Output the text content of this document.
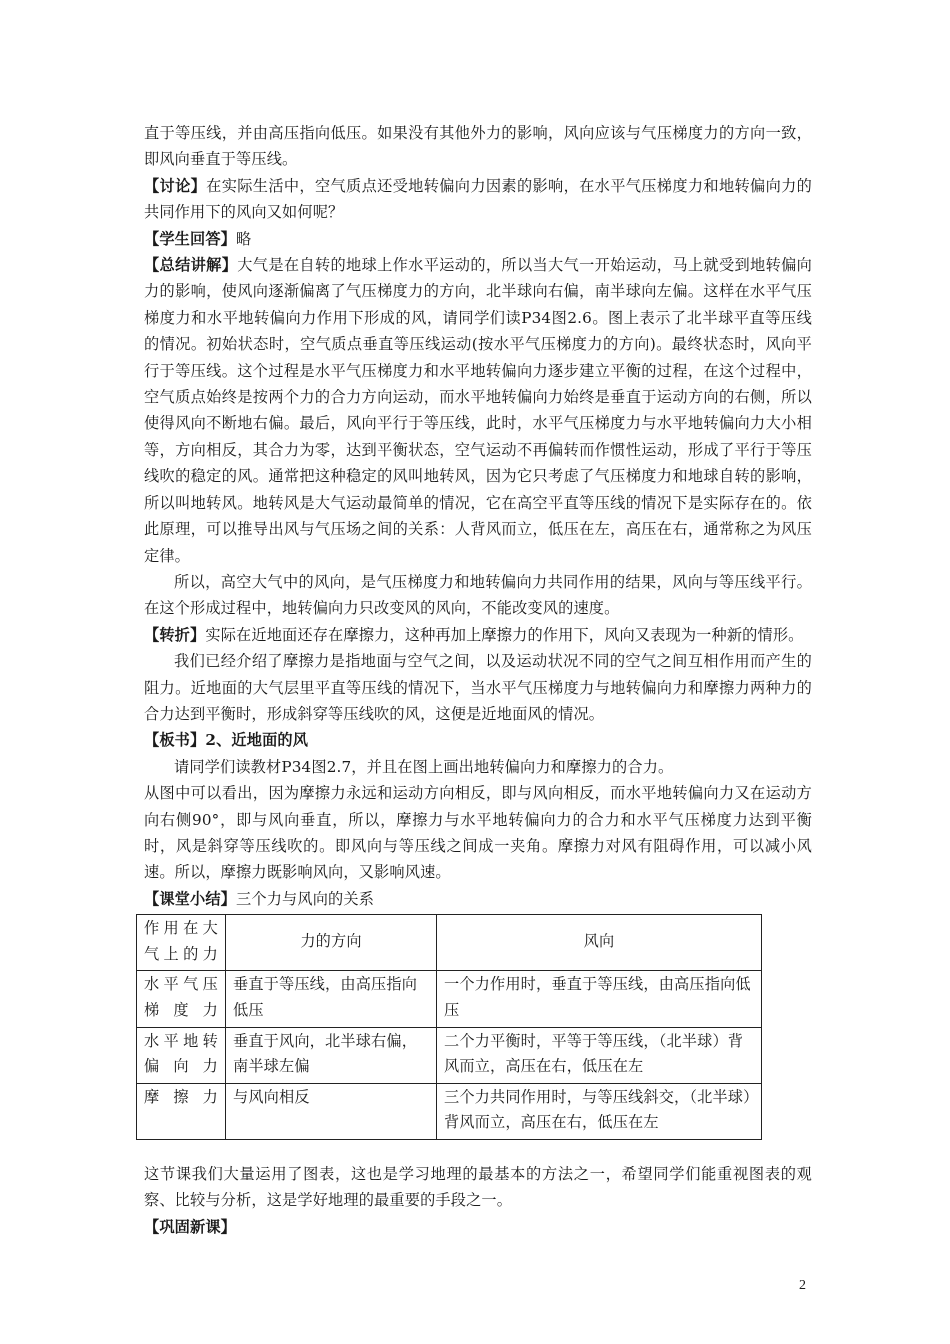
直于等压线，并由高压指向低压。如果没有其他外力的影响，风向应该与气压梯度力的方向一致，即风向垂直于等压线。

【讨论】在实际生活中，空气质点还受地转偏向力因素的影响，在水平气压梯度力和地转偏向力的共同作用下的风向又如何呢？

【学生回答】略

【总结讲解】大气是在自转的地球上作水平运动的，所以当大气一开始运动，马上就受到地转偏向力的影响，使风向逐渐偏离了气压梯度力的方向，北半球向右偏，南半球向左偏。这样在水平气压梯度力和水平地转偏向力作用下形成的风，请同学们读P34图2.6。图上表示了北半球平直等压线的情况。初始状态时，空气质点垂直等压线运动(按水平气压梯度力的方向)。最终状态时，风向平行于等压线。这个过程是水平气压梯度力和水平地转偏向力逐步建立平衡的过程，在这个过程中，空气质点始终是按两个力的合力方向运动，而水平地转偏向力始终是垂直于运动方向的右侧，所以使得风向不断地右偏。最后，风向平行于等压线，此时，水平气压梯度力与水平地转偏向力大小相等，方向相反，其合力为零，达到平衡状态，空气运动不再偏转而作惯性运动，形成了平行于等压线吹的稳定的风。通常把这种稳定的风叫地转风，因为它只考虑了气压梯度力和地球自转的影响，所以叫地转风。地转风是大气运动最简单的情况，它在高空平直等压线的情况下是实际存在的。依此原理，可以推导出风与气压场之间的关系：人背风而立，低压在左，高压在右，通常称之为风压定律。

所以，高空大气中的风向，是气压梯度力和地转偏向力共同作用的结果，风向与等压线平行。在这个形成过程中，地转偏向力只改变风的风向，不能改变风的速度。

【转折】实际在近地面还存在摩擦力，这种再加上摩擦力的作用下，风向又表现为一种新的情形。

我们已经介绍了摩擦力是指地面与空气之间，以及运动状况不同的空气之间互相作用而产生的阻力。近地面的大气层里平直等压线的情况下，当水平气压梯度力与地转偏向力和摩擦力两种力的合力达到平衡时，形成斜穿等压线吹的风，这便是近地面风的情况。

【板书】2、近地面的风

请同学们读教材P34图2.7，并且在图上画出地转偏向力和摩擦力的合力。

从图中可以看出，因为摩擦力永远和运动方向相反，即与风向相反，而水平地转偏向力又在运动方向右侧90°，即与风向垂直，所以，摩擦力与水平地转偏向力的合力和水平气压梯度力达到平衡时，风是斜穿等压线吹的。即风向与等压线之间成一夹角。摩擦力对风有阻碍作用，可以减小风速。所以，摩擦力既影响风向，又影响风速。

【课堂小结】三个力与风向的关系

作用在大气上的力	力的方向	风向
水平气压梯度力	垂直于等压线，由高压指向低压	一个力作用时，垂直于等压线，由高压指向低压
水平地转偏向力	垂直于风向，北半球右偏，南半球左偏	二个力平衡时，平等于等压线，（北半球）背风而立，高压在右，低压在左
摩擦力	与风向相反	三个力共同作用时，与等压线斜交，（北半球）背风而立，高压在右，低压在左

这节课我们大量运用了图表，这也是学习地理的最基本的方法之一，希望同学们能重视图表的观察、比较与分析，这是学好地理的最重要的手段之一。

【巩固新课】

2
